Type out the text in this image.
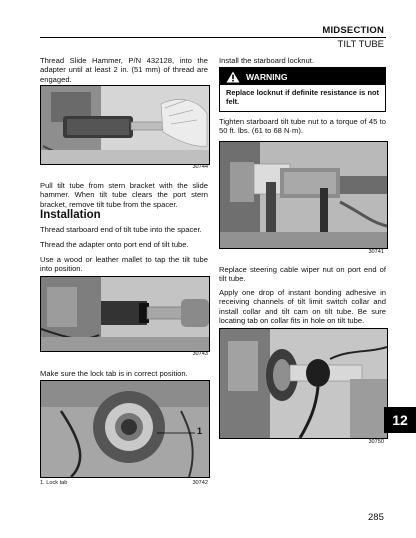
MIDSECTION
TILT TUBE
Thread Slide Hammer, P/N 432128, into the adapter until at least 2 in. (51 mm) of thread are engaged.
30744
Pull tilt tube from stern bracket with the slide hammer. When tilt tube clears the port stern bracket, remove tilt tube from the spacer.
Installation
Thread starboard end of tilt tube into the spacer.
Thread the adapter onto port end of tilt tube.
Use a wood or leather mallet to tap the tilt tube into position.
30743
Make sure the lock tab is in correct position.
1
1. Lock tab	30742
Install the starboard locknut.
WARNING
Replace locknut if definite resistance is not felt.
Tighten starboard tilt tube nut to a torque of 45 to 50 ft. lbs. (61 to 68 N·m).
30741
Replace steering cable wiper nut on port end of tilt tube.
Apply one drop of instant bonding adhesive in receiving channels of tilt limit switch collar and install collar and tilt cam on tilt tube. Be sure locating tab on collar fits in hole on tilt tube.
30750
12
285
